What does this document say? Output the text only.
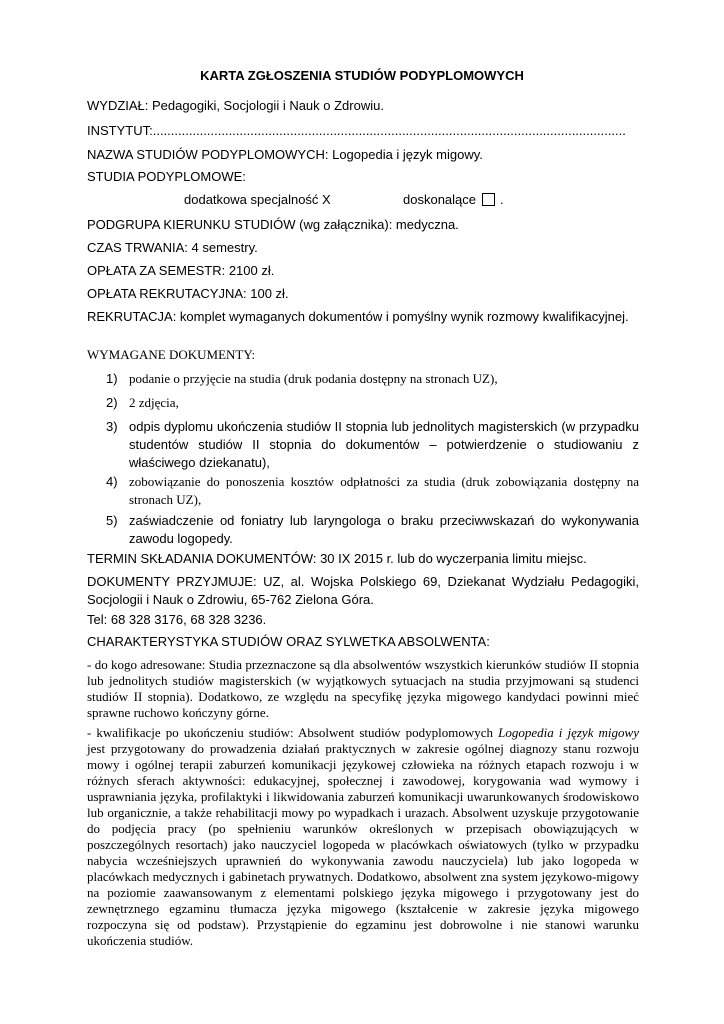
KARTA ZGŁOSZENIA STUDIÓW PODYPLOMOWYCH
WYDZIAŁ: Pedagogiki, Socjologii i Nauk o Zdrowiu.
INSTYTUT:...................................................................................................................................
NAZWA STUDIÓW PODYPLOMOWYCH: Logopedia i język migowy.
STUDIA PODYPLOMOWE:
dodatkowa specjalność X	doskonalące .
PODGRUPA KIERUNKU STUDIÓW (wg załącznika): medyczna.
CZAS TRWANIA: 4 semestry.
OPŁATA ZA SEMESTR: 2100 zł.
OPŁATA REKRUTACYJNA: 100 zł.
REKRUTACJA: komplet wymaganych dokumentów i pomyślny wynik rozmowy kwalifikacyjnej.
WYMAGANE DOKUMENTY:
1) podanie o przyjęcie na studia (druk podania dostępny na stronach UZ),
2) 2 zdjęcia,
3) odpis dyplomu ukończenia studiów II stopnia lub jednolitych magisterskich (w przypadku studentów studiów II stopnia do dokumentów – potwierdzenie o studiowaniu z właściwego dziekanatu),
4) zobowiązanie do ponoszenia kosztów odpłatności za studia (druk zobowiązania dostępny na stronach UZ),
5) zaświadczenie od foniatry lub laryngologa o braku przeciwwskazań do wykonywania zawodu logopedy.
TERMIN SKŁADANIA DOKUMENTÓW: 30 IX 2015 r. lub do wyczerpania limitu miejsc.
DOKUMENTY PRZYJMUJE: UZ, al. Wojska Polskiego 69, Dziekanat Wydziału Pedagogiki, Socjologii i Nauk o Zdrowiu, 65-762 Zielona Góra.
Tel: 68 328 3176, 68 328 3236.
CHARAKTERYSTYKA STUDIÓW ORAZ SYLWETKA ABSOLWENTA:
- do kogo adresowane: Studia przeznaczone są dla absolwentów wszystkich kierunków studiów II stopnia lub jednolitych studiów magisterskich (w wyjątkowych sytuacjach na studia przyjmowani są studenci studiów II stopnia). Dodatkowo, ze względu na specyfikę języka migowego kandydaci powinni mieć sprawne ruchowo kończyny górne.
- kwalifikacje po ukończeniu studiów: Absolwent studiów podyplomowych Logopedia i język migowy jest przygotowany do prowadzenia działań praktycznych w zakresie ogólnej diagnozy stanu rozwoju mowy i ogólnej terapii zaburzeń komunikacji językowej człowieka na różnych etapach rozwoju i w różnych sferach aktywności: edukacyjnej, społecznej i zawodowej, korygowania wad wymowy i usprawniania języka, profilaktyki i likwidowania zaburzeń komunikacji uwarunkowanych środowiskowo lub organicznie, a także rehabilitacji mowy po wypadkach i urazach. Absolwent uzyskuje przygotowanie do podjęcia pracy (po spełnieniu warunków określonych w przepisach obowiązujących w poszczególnych resortach) jako nauczyciel logopeda w placówkach oświatowych (tylko w przypadku nabycia wcześniejszych uprawnień do wykonywania zawodu nauczyciela) lub jako logopeda w placówkach medycznych i gabinetach prywatnych. Dodatkowo, absolwent zna system językowo-migowy na poziomie zaawansowanym z elementami polskiego języka migowego i przygotowany jest do zewnętrznego egzaminu tłumacza języka migowego (kształcenie w zakresie języka migowego rozpoczyna się od podstaw). Przystąpienie do egzaminu jest dobrowolne i nie stanowi warunku ukończenia studiów.
